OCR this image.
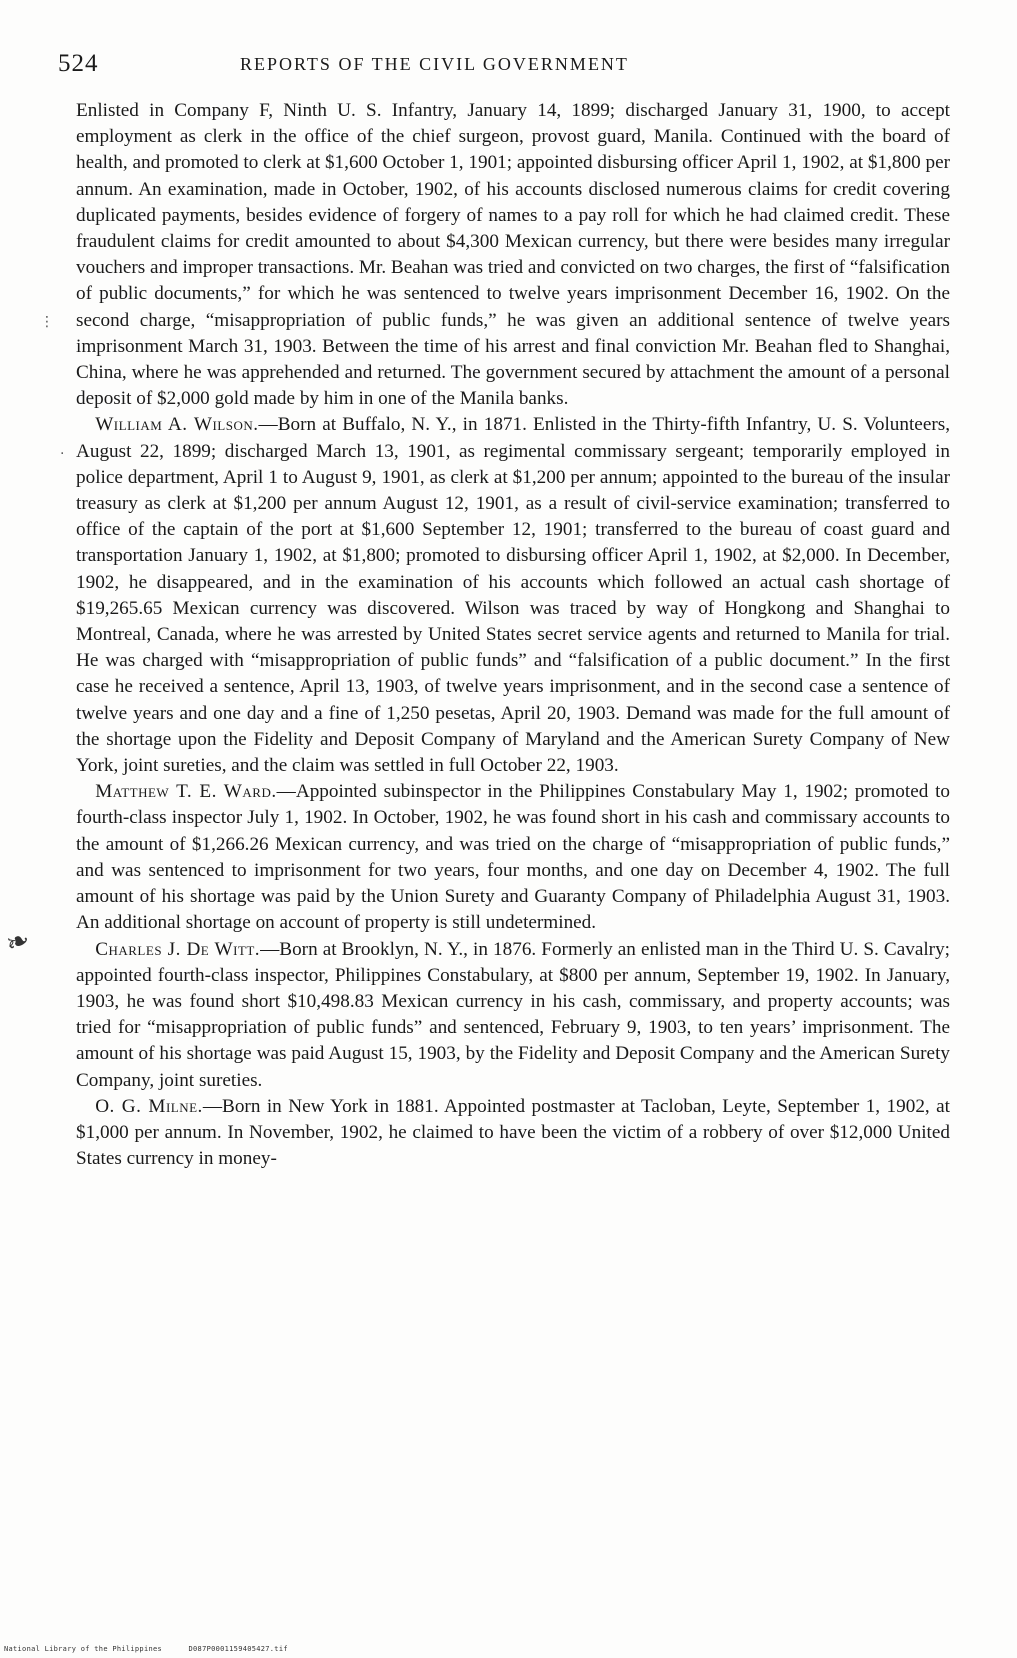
524	REPORTS OF THE CIVIL GOVERNMENT

Enlisted in Company F, Ninth U. S. Infantry, January 14, 1899; discharged January 31, 1900, to accept employment as clerk in the office of the chief surgeon, provost guard, Manila. Continued with the board of health, and promoted to clerk at $1,600 October 1, 1901; appointed disbursing officer April 1, 1902, at $1,800 per annum. An examination, made in October, 1902, of his accounts disclosed numerous claims for credit covering duplicated payments, besides evidence of forgery of names to a pay roll for which he had claimed credit. These fraudulent claims for credit amounted to about $4,300 Mexican currency, but there were besides many irregular vouchers and improper transactions. Mr. Beahan was tried and convicted on two charges, the first of “falsification of public documents,” for which he was sentenced to twelve years imprisonment December 16, 1902. On the second charge, “misappropriation of public funds,” he was given an additional sentence of twelve years imprisonment March 31, 1903. Between the time of his arrest and final conviction Mr. Beahan fled to Shanghai, China, where he was apprehended and returned. The government secured by attachment the amount of a personal deposit of $2,000 gold made by him in one of the Manila banks.

 William A. Wilson.—Born at Buffalo, N. Y., in 1871. Enlisted in the Thirty-fifth Infantry, U. S. Volunteers, August 22, 1899; discharged March 13, 1901, as regimental commissary sergeant; temporarily employed in police department, April 1 to August 9, 1901, as clerk at $1,200 per annum; appointed to the bureau of the insular treasury as clerk at $1,200 per annum August 12, 1901, as a result of civil-service examination; transferred to office of the captain of the port at $1,600 September 12, 1901; transferred to the bureau of coast guard and transportation January 1, 1902, at $1,800; promoted to disbursing officer April 1, 1902, at $2,000. In December, 1902, he disappeared, and in the examination of his accounts which followed an actual cash shortage of $19,265.65 Mexican currency was discovered. Wilson was traced by way of Hongkong and Shanghai to Montreal, Canada, where he was arrested by United States secret service agents and returned to Manila for trial. He was charged with “misappropriation of public funds” and “falsification of a public document.” In the first case he received a sentence, April 13, 1903, of twelve years imprisonment, and in the second case a sentence of twelve years and one day and a fine of 1,250 pesetas, April 20, 1903. Demand was made for the full amount of the shortage upon the Fidelity and Deposit Company of Maryland and the American Surety Company of New York, joint sureties, and the claim was settled in full October 22, 1903.

 Matthew T. E. Ward.—Appointed subinspector in the Philippines Constabulary May 1, 1902; promoted to fourth-class inspector July 1, 1902. In October, 1902, he was found short in his cash and commissary accounts to the amount of $1,266.26 Mexican currency, and was tried on the charge of “misappropriation of public funds,” and was sentenced to imprisonment for two years, four months, and one day on December 4, 1902. The full amount of his shortage was paid by the Union Surety and Guaranty Company of Philadelphia August 31, 1903. An additional shortage on account of property is still undetermined.

 Charles J. De Witt.—Born at Brooklyn, N. Y., in 1876. Formerly an enlisted man in the Third U. S. Cavalry; appointed fourth-class inspector, Philippines Constabulary, at $800 per annum, September 19, 1902. In January, 1903, he was found short $10,498.83 Mexican currency in his cash, commissary, and property accounts; was tried for “misappropriation of public funds” and sentenced, February 9, 1903, to ten years’ imprisonment. The amount of his shortage was paid August 15, 1903, by the Fidelity and Deposit Company and the American Surety Company, joint sureties.

 O. G. Milne.—Born in New York in 1881. Appointed postmaster at Tacloban, Leyte, September 1, 1902, at $1,000 per annum. In November, 1902, he claimed to have been the victim of a robbery of over $12,000 United States currency in money-

⋮
⋅
❧
National Library of the Philippines	D087P0001159405427.tif
